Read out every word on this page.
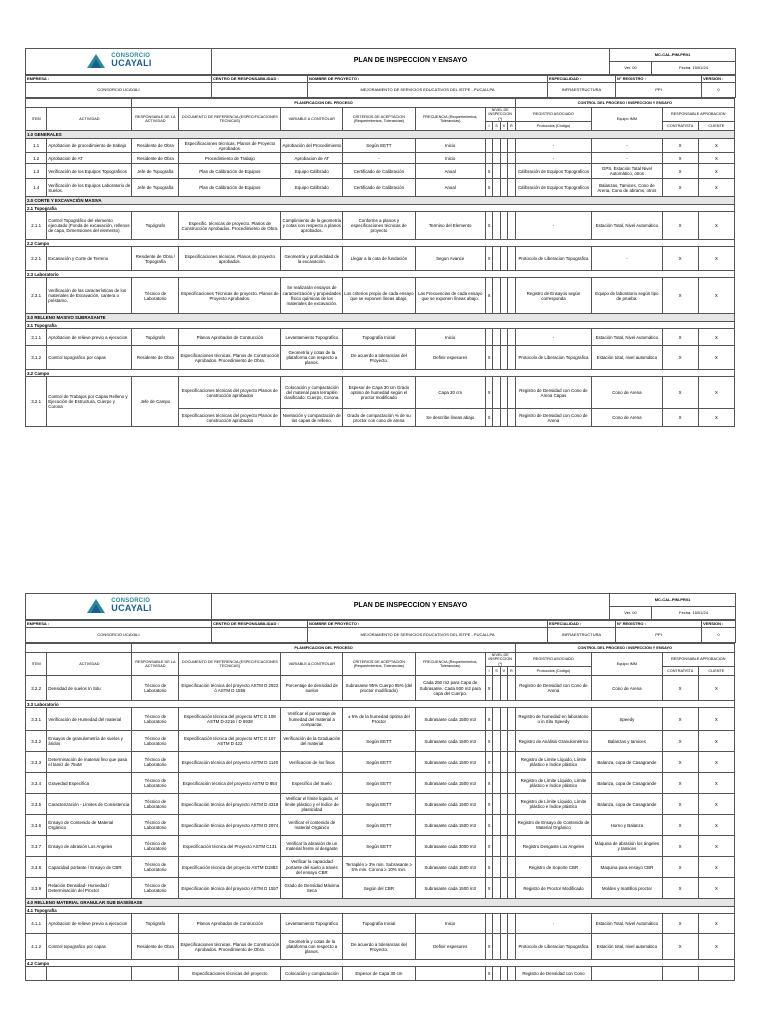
CONSORCIO
UCAYALI	PLAN DE INSPECCION Y ENSAYO	MC-CAL-PIM-PR01	
		Ver. 00	Fecha: 15/01/24
EMPRESA :	CENTRO DE RESPONSABILIDAD :	NOMBRE DE PROYECTO :	ESPECIALIDAD :	N° REGISTRO :	VERSION :
CONSORCIO UCAYALI		MEJORAMIENTO DE SERVICIOS EDUCATIVOS DEL ISTPE - PUCALLPA	INFRAESTRUCTURA	PPI	0
		PLANIFICACION DEL PROCESO									CONTROL DEL PROCESO / INSPECCION Y ENSAYO			
ITEM	ACTIVIDAD	RESPONSABLE DE LA ACTIVIDAD	DOCUMENTO DE REFERENCIA (ESPECIFICACIONES TECNICAS)	VARIABLE A CONTROLAR	CRITERIOS DE ACEPTACION (Requerimientos, Tolerancias)	FRECUENCIA (Requerimientos, Tolerancias)	NIVEL DE INSPECCION (*)				REGISTRO ASOCIADO	Equipo IMM	RESPONSABLE APROBACION	
							I	S	V	R	Protocolos (Código)		CONTRATISTA	CLIENTE
1.0 GENERALES														
1.1	Aprobacion de procedimiento de trabajo	Residente de Obra	Especificaciones técnicas. Planos de Proyecto Aprobados.	Aprobación del Procedimiento	Según EETT	Inicio					-	-	X	X
1.2	Aprobacion de AT	Residente de Obra	Procedimiento de Trabajo	Aprobacion de AT	-	Inicio					-	-	X	X
1.3	Verificación de los Equipos Topograficos	Jefe de Topografía	Plan de Calibración de Equipos	Equipo Calibrado	Certificado de Calibración	Anual	X				Calibración de Equipos Topograficos	GPS, Estación Total Nivel Automático, otros	X	X
1.4	Verificación de los Equipos Laboratorio de Suelos.	Jefe de Topografía	Plan de Calibración de Equipos	Equipo Calibrado	Certificado de Calibración	Anual	X				Calibración de Equipos Topograficos	Balanzas, Tamices, Cono de Arena, Cono de abrams, otros	X	X
2.0 CORTE Y EXCAVACIÓN MASIVA														
2.1 Topografía														
2.1.1	Control Topográfico del elemento ejecutado (Fonda de excavación, rellenos de capa, Dimensiones del elemento)	Topógrafo	Especific. técnicas de proyecto. Planos de Construcción Aprobados. Procedimiento de Obra.	Cumplimiento de la geometría y cotas con respecto a planos aprobados.	Conforme a planos y especificaciones técnicas de proyecto	Termino del Elemento	X				-	Estación Total, Nivel Automático	X	X
2.2 Campo														
2.2.1	Excavación y Corte de Terreno	Residente de Obra / Topografía	Especificaciones técnicas. Planos de proyecto aprobados.	Geometría y profundidad de la excavación.	Llegar a la cota de fundación	Segun Avance	X				Protocolo de Liberacion Topografica	-	X	X
2.3 Laboratorio														
2.3.1	Verificación de las características de los materiales de Excavación, cantera o préstamo.	Técnico de Laboratorio	Especificaciones Técnicas de proyecto. Planos de Proyecto Aprobados.	Se realizarán ensayos de caracterización y propiedades físico químicas de los materiales de excavación.	Los criterios propio de cada ensayo que se exponen líneas abajo.	Las Frecuencias de cada ensayo que se exponen líneas abajo.	X				Registro de Ensayos según corresponda	Equipo de laboratorio según tipo de prueba.	X	X
3.0 RELLENO MASIVO SUBRASANTE														
3.1 Topografía														
3.1.1	Aprobacion de relieve previo a ejecucion	Topógrafo	Planos Aprobados de Contrucción	Levantamiento Topografico	Topografia Inicial	Inicio					-	Estación Total, Nivel Automático	X	X
3.1.2	Control topografico por capas	Residente de Obra	Especificaciones técnicas. Planos de Construcción Aprobados. Procedimiento de Obra.	Geometría y cotas de la plataforma con respecto a planos.	De acuerdo a tolerancias del Proyecto.	Definir espesores	X				Protocolo de Liberacion Topografica	Estación total, nivel automático	X	X
3.2 Campo														
3.2.1	Control de Trabajos por Capas Relleno y Ejecución de Estructura, Cuerpo y Corona	Jefe de Campo	Especificaciones técnicas del proyecto Planos de construcción aprobados	Colocación y compactación del material para terraplén clasificado: Cuerpo, Corona.	Espesor de Capa 30 cm Grado optimo de humedad según el proctor modificado	Capa 30 cm	X				Registro de Densidad con Cono de Arena Capas	Cono de Arena	X	X
			Especificaciones técnicas del proyecto Planos de construcción aprobados	Nivelación y compactación de las capas de relleno.	Grado de compactación % de su proctor con cono de arena	Se describe lineas abajo	X				Registro de Densidad con Cono de Arena	Cono de Arena	X	X
CONSORCIO
UCAYALI	PLAN DE INSPECCION Y ENSAYO	MC-CAL-PIM-PR01	
		Ver. 00	Fecha: 15/01/24
EMPRESA :	CENTRO DE RESPONSABILIDAD :	NOMBRE DE PROYECTO :	ESPECIALIDAD :	N° REGISTRO :	VERSION :
CONSORCIO UCAYALI		MEJORAMIENTO DE SERVICIOS EDUCATIVOS DEL ISTPE - PUCALLPA	INFRAESTRUCTURA	PPI	0
		PLANIFICACION DEL PROCESO									CONTROL DEL PROCESO / INSPECCION Y ENSAYO			
ITEM	ACTIVIDAD	RESPONSABLE DE LA ACTIVIDAD	DOCUMENTO DE REFERENCIA (ESPECIFICACIONES TECNICAS)	VARIABLE A CONTROLAR	CRITERIOS DE ACEPTACION (Requerimientos, Tolerancias)	FRECUENCIA (Requerimientos, Tolerancias)	NIVEL DE INSPECCION (*)				REGISTRO ASOCIADO	Equipo IMM	RESPONSABLE APROBACION	
							I	S	V	R	Protocolos (Código)		CONTRATISTA	CLIENTE
3.2.2	Densidad de suelos In Situ	Técnico de Laboratorio	Especificación técnica del proyecto ASTM D 2922 ó ASTM D 1556	Porcentaje de densidad de suelos	Subrasante 95% Cuerpo 95% (del proctor modificado)	Cada 250 m2 para Capa de Subrasante. Cada 500 m2 para capa del Cuerpo.	X				Registro de Densidad con Cono de Arena	Cono de Arena	X	X
3.3 Laboratorio														
3.3.1	Verificación de Humedad del material	Técnico de Laboratorio	Especificación técnica del proyecto MTC E 108 ASTM D-2216 / D 6938	Verificar el porcentaje de humedad del material a compactar.	± 5% de la humedad óptima del Proctor	Subrasante cada 1500 m3	X				Registro de humedad en laboratorio o in Situ Speedy	Speedy	X	X
3.3.2	Ensayos de granulometría de suelos y áridos	Técnico de Laboratorio	Especificación técnica del proyecto MTC E 107 ASTM D 422	Verificación de la Graduación del material	Según EETT	Subrasante cada 1500 m3	X				Registro de Análisis Granulométrico	Balanzas y tamices	X	X
3.3.3	Determinación de material fino que pasa el tamiz de 75uM	Técnico de Laboratorio	Especificación técnica del proyecto ASTM D 1140	Verificacion de los finos	Según EETT	Subrasante cada 1500 m3	X				Registro de Limite Líquido, Límite plástico e Índice plástico	Balanza, copa de Casagrande	X	X
3.3.4	Gravedad Específica	Técnico de Laboratorio	Especificación técnica del proyecto ASTM D 854	Específico del Suelo	Según EETT	Subrasante cada 1500 m3	X				Registro de Límite Líquido, Límite plástico e Índice plástico	Balanza, copa de Casagrande	X	X
3.3.5	Caracterización - Límites de Consistencia	Técnico de Laboratorio	Especificación técnica del proyecto ASTM D 4318	Verificar el límite líquido, el límite plástico y el índice de plasticidad	Según EETT	Subrasante cada 1500 m3	X				Registro de Límite Líquido, Límite plástico e Índice plástico	Balanza, copa de Casagrande	X	X
3.3.6	Ensayo de Contenido de Material Orgánico	Técnico de Laboratorio	Especificación técnica del proyecto ASTM D 2974	Verificar el contenido de material Orgánico	Según EETT	Subrasante cada 1500 m3	X				Registro de Ensayo de Contenido de Material Orgánico	Horno y Balanza	X	X
3.3.7	Ensayo de abrasión Los Angeles	Técnico de Laboratorio	Especificación técnica del Proyecto ASTM C131	Verificar la abrasión de un material frente al desgaste	Según EETT	Subrasante cada 3000 m3	X				Registro Desgaste Los Angeles	Máquina de abrasión los ángeles y tamices	X	X
3.3.8	Capacidad portante / Ensayo de CBR	Técnico de Laboratorio	Especificación técnica del proyecto ASTM D1883	Verificar la capacidad portante del suelo a través del ensayo CBR	Terraplén ≥ 3% min. Subrasante ≥ 5% min. Corona ≥ 10% min.	Subrasante cada 1500 m3	X				Registro de Soporte CBR	Maquina para ensayo CBR	X	X
3.3.9	Relación Densidad- Humedad / Determinación del Proctor	Técnico de Laboratorio	Especificación técnica del proyecto ASTM D 1557	Grado de Densidad Máxima Seca	Según del CBR	Subrasante cada 1500 m3	X				Registro de Proctor Modificado	Moldes y martillos proctor	X	X
4.0 RELLENO MATERIAL GRANULAR SUB BASE/BASE														
4.1 Topografía														
4.1.1	Aprobacion de relieve previo a ejecucion	Topógrafo	Planos Aprobados de Contrucción	Levantamiento Topografico	Topografia Inicial	Inicio					-	Estación Total, Nivel Automático	X	X
4.1.2	Control topografico por capas	Residente de Obra	Especificaciones técnicas. Planos de Construcción Aprobados. Procedimiento de Obra.	Geometría y cotas de la plataforma con respecto a planos.	De acuerdo a tolerancias del Proyecto.	Definir espesores	X				Protocolo de Liberacion Topografica	Estación total, nivel automático	X	X
4.2 Campo														
			Especificaciones técnicas del proyecto	Colocación y compactación	Espesor de Capa 30 cm		X				Registro de Densidad con Cono			
